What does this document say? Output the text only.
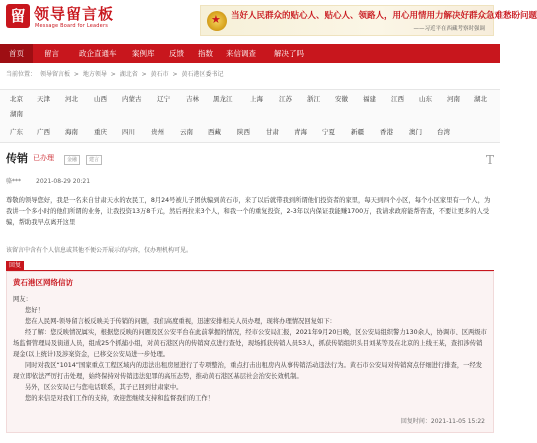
留 领导留言板
Message Board for Leaders
★
当好人民群众的贴心人、贴心人、领路人，用心用情用力解决好群众急难愁盼问题
——习近平在西藏考察时强调
首页	留言	政企直通车 案例库 反馈 指数 来信调查 解决了吗
当前位置： 领导留言板 > 地方领导 > 湖北省 > 黄石市 > 黄石港区委书记
北京 天津 河北 山西 内蒙古 辽宁 吉林 黑龙江	上海 江苏 浙江 安徽 福建 江西 山东 河南 湖北
湖南
广东 广西 海南 重庆 四川 贵州 云南 西藏 陕西 甘肃 青海 宁夏 新疆 香港 澳门 台湾
传销 已办理	金融	建言	T
骆*** 2021-08-29 20:21
尊敬的领导您好，我是一名来自甘肃天水的农民工，8月24号被儿子团伙骗到黄石市，来了以后就带我到所谓他们投资者的家里，每天到四个小区，每个小区家里有一个人，为我讲一个多小时的他们所谓的业务，让我投资13万8千元，然后再拉来3个人，和我一个的重复投资，2-3年以内保证我能赚1700万，我请求政府能帮咨查，不要让更多的人受骗，帮助我早点离开这里
该留言中含有个人信息或其他不便公开展示的内容，仅办理机构可见。
回复
黄石港区网络信访

网友：

您好！

您在人民网-领导留言板反映关于传销的问题，我们高度重视，迅速安排相关人员办理，现将办理情况回复如下：

经了解：您反映情况属实，根据您反映的问题及区公安平台在此前掌握的情况，经市公安局汇报，2021年9月20日晚，区公安局组织警力130余人，协调市、区两级市场监督管理局及街道人员，组成25个抓捕小组，对黄石港区内的传销窝点进行查处，现场抓获传销人员53人，抓获传销组织头目刘某等及在北京的上线王某，查扣涉传销现金(以上统计)及涉案资金，已移交公安局进一步处理。

同时对我区“1014”国家重点工程区域内的违法出租房屋进行了专项整治，重点打击出租房内从事传销活动违法行为。黄石市公安局对传销窝点仔细进行排查，一经发现立即依法严厉打击处理，始终保持对传销违法犯罪的高压态势，推动黄石港区基层社会治安长效机制。

另外，区公安局已与您电话联系，其子已回到甘肃家中。

您的来信是对我们工作的支持，欢迎您继续支持和监督我们的工作！

回复时间：2021-11-05 15:22
